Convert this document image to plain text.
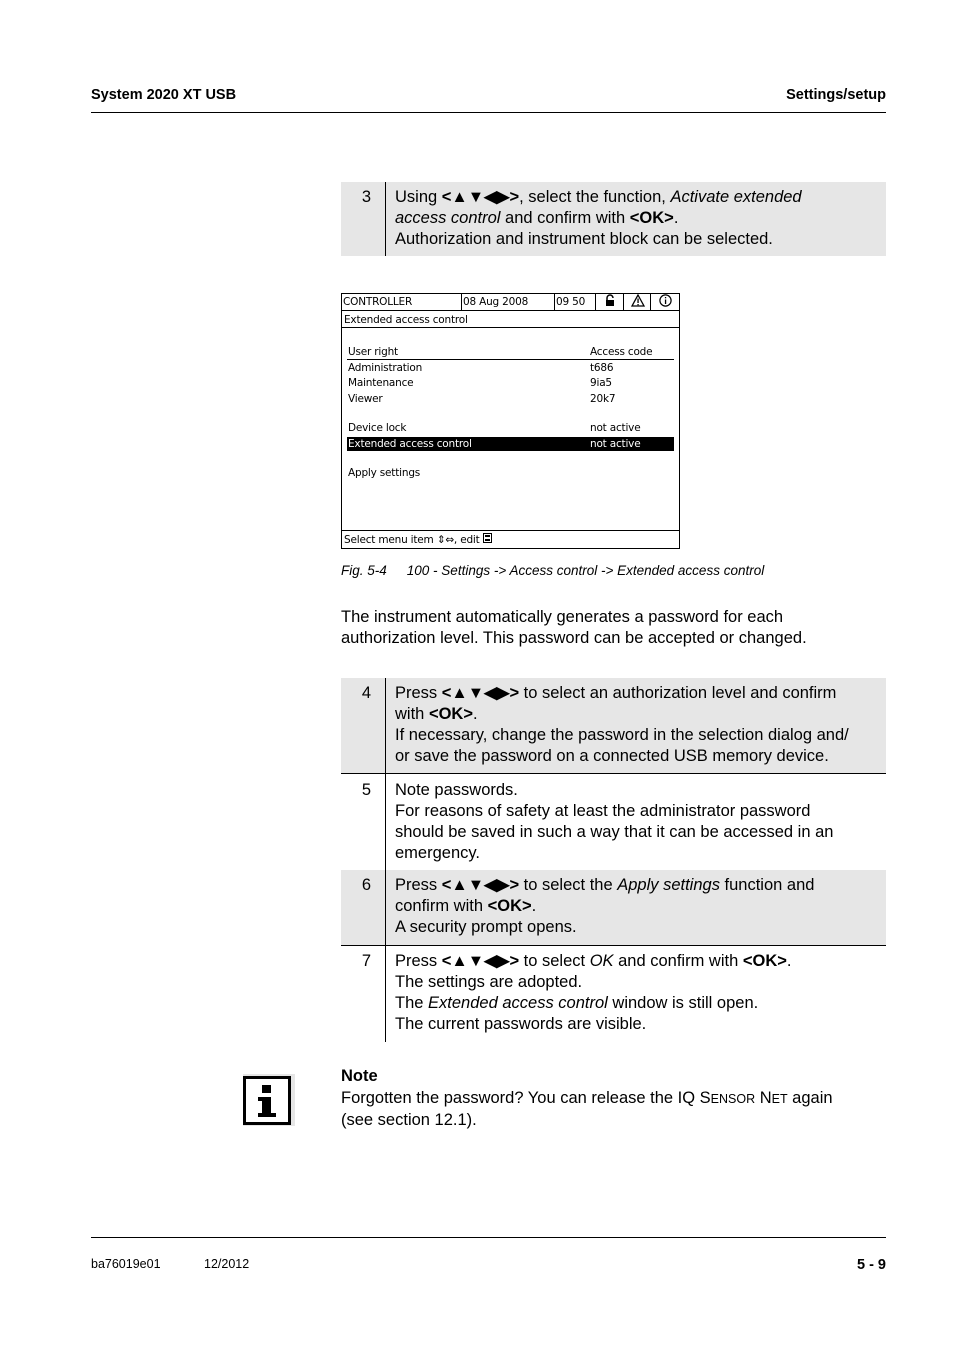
System 2020 XT USB	Settings/setup
3	Using <▲▼◀▶>, select the function, Activate extended
access control and confirm with <OK>.
Authorization and instrument block can be selected.
CONTROLLER	08 Aug 2008	09 50
Extended access control
User right	Access code
Administration	t686
Maintenance	9ia5
Viewer	20k7
Device lock	not active
Extended access control	not active
Apply settings
Select menu item ⇕⇔, edit
Fig. 5-4 100 - Settings -> Access control -> Extended access control
The instrument automatically generates a password for each
authorization level. This password can be accepted or changed.
4	Press <▲▼◀▶> to select an authorization level and confirm
with <OK>.
If necessary, change the password in the selection dialog and/
or save the password on a connected USB memory device.
5	Note passwords.
For reasons of safety at least the administrator password
should be saved in such a way that it can be accessed in an
emergency.
6	Press <▲▼◀▶> to select the Apply settings function and
confirm with <OK>.
A security prompt opens.
7	Press <▲▼◀▶> to select OK and confirm with <OK>.
The settings are adopted.
The Extended access control window is still open.
The current passwords are visible.
Note
Forgotten the password? You can release the IQ SENSOR NET again
(see section 12.1).
ba76019e01	12/2012	5 - 9
